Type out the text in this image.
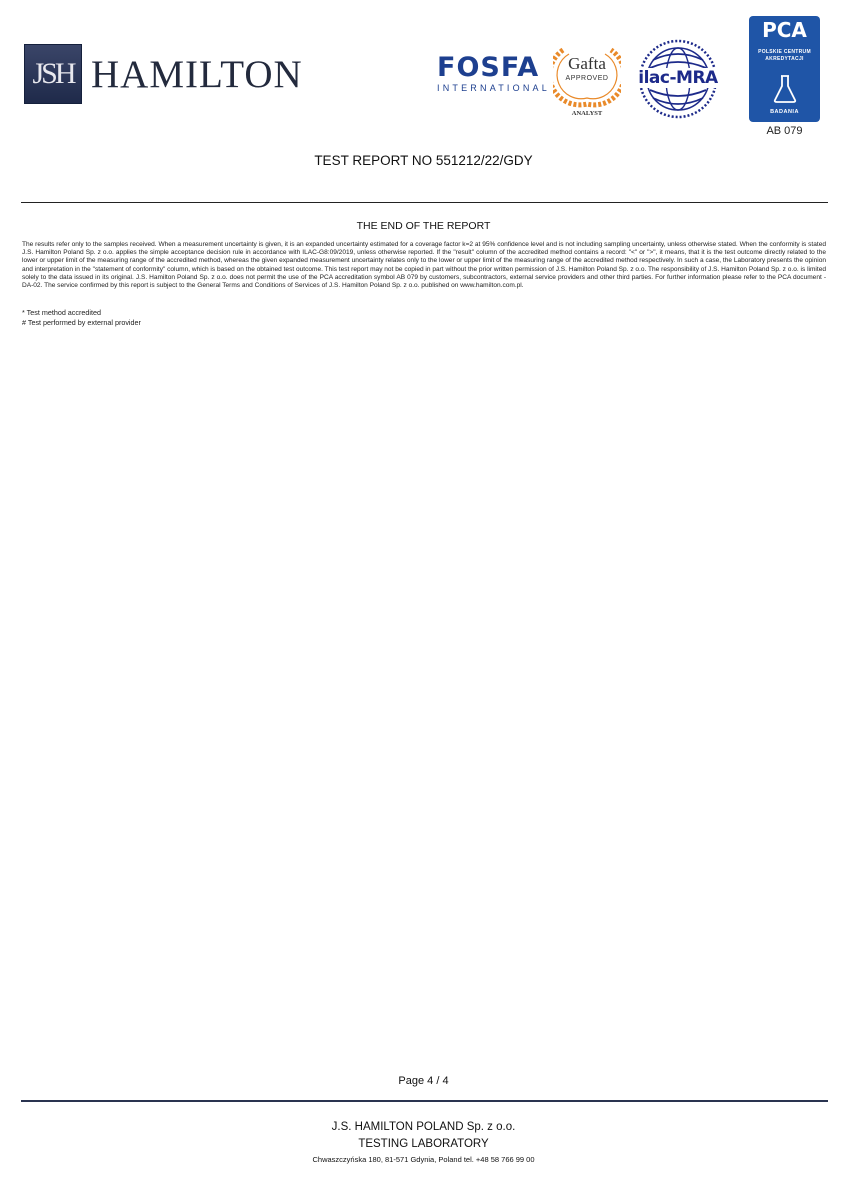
JSH HAMILTON	FOSFA
INTERNATIONAL
Gafta
APPROVED
ANALYST
ilac-MRA
PCA
POLSKIE CENTRUM
AKREDYTACJI
BADANIA
AB 079
TEST REPORT NO 551212/22/GDY
THE END OF THE REPORT
The results refer only to the samples received. When a measurement uncertainty is given, it is an expanded uncertainty estimated for a coverage factor k=2 at 95% confidence level and is not including sampling uncertainty, unless otherwise stated. When the conformity is stated J.S. Hamilton Poland Sp. z o.o. applies the simple acceptance decision rule in accordance with ILAC-G8:09/2019, unless otherwise reported. If the "result" column of the accredited method contains a record: "<" or ">", it means, that it is the test outcome directly related to the lower or upper limit of the measuring range of the accredited method, whereas the given expanded measurement uncertainty relates only to the lower or upper limit of the measuring range of the accredited method respectively. In such a case, the Laboratory presents the opinion and interpretation in the "statement of conformity" column, which is based on the obtained test outcome. This test report may not be copied in part without the prior written permission of J.S. Hamilton Poland Sp. z o.o. The responsibility of J.S. Hamilton Poland Sp. z o.o. is limited solely to the data issued in its original. J.S. Hamilton Poland Sp. z o.o. does not permit the use of the PCA accreditation symbol AB 079 by customers, subcontractors, external service providers and other third parties. For further information please refer to the PCA document - DA-02. The service confirmed by this report is subject to the General Terms and Conditions of Services of J.S. Hamilton Poland Sp. z o.o. published on www.hamilton.com.pl.
* Test method accredited
# Test performed by external provider
Page 4 / 4
J.S. HAMILTON POLAND Sp. z o.o.
TESTING LABORATORY
Chwaszczyńska 180, 81-571 Gdynia, Poland tel. +48 58 766 99 00
